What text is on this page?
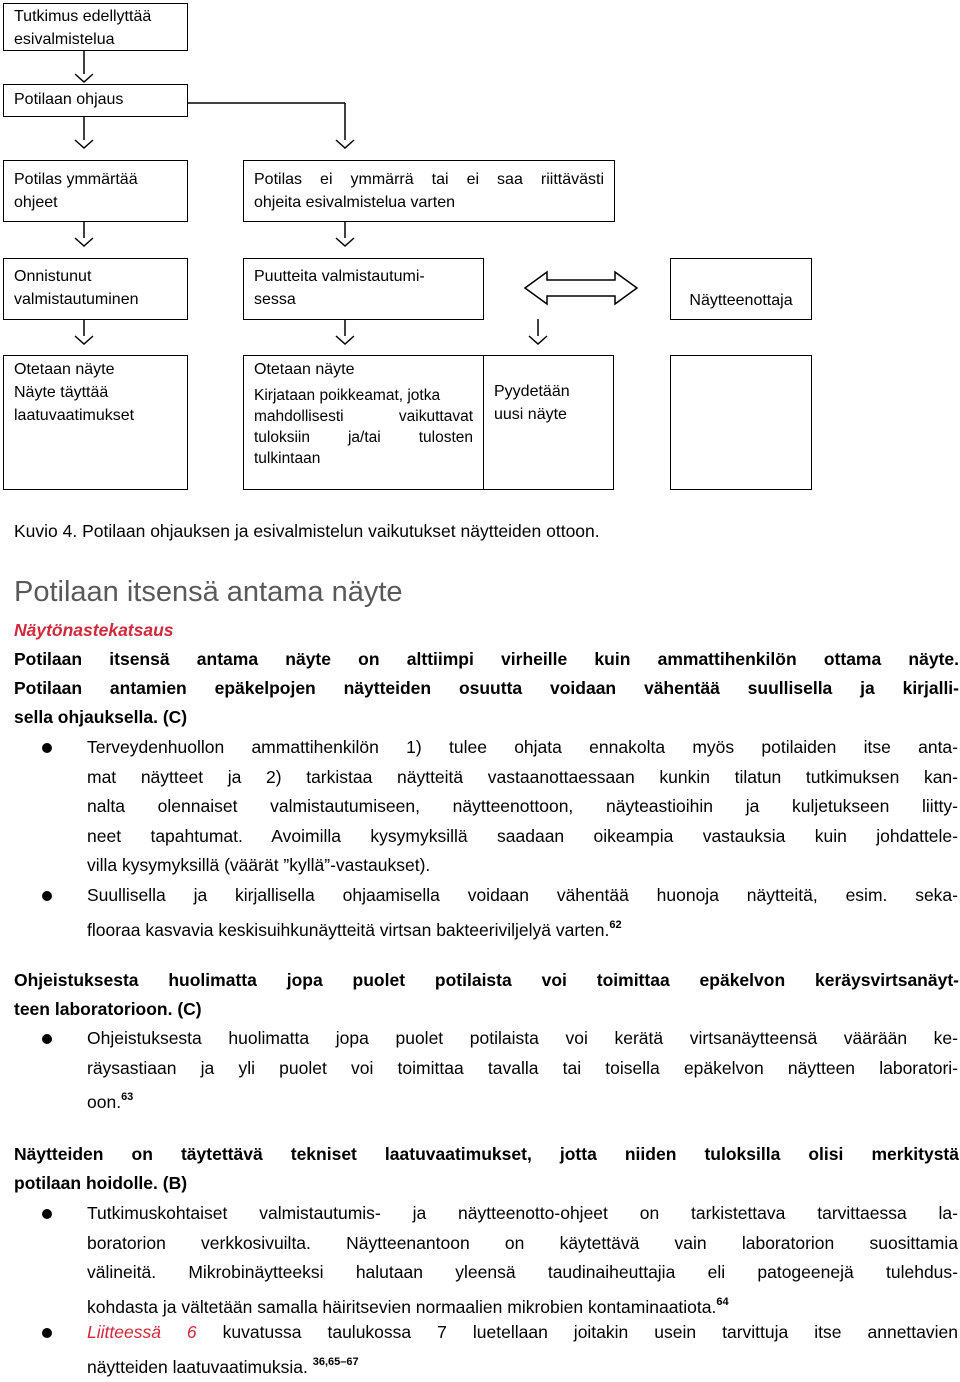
Tutkimus edellyttää
esivalmistelua
Potilaan ohjaus
Potilas ymmärtää
ohjeet
Potilas ei ymmärrä tai ei saa riittävästi
ohjeita esivalmistelua varten
Onnistunut
valmistautuminen
Puutteita valmistautumi-
sessa	Näytteenottaja
Otetaan näyte
Näyte täyttää
laatuvaatimukset
Otetaan näyte
Kirjataan poikkeamat, jotka
mahdollisesti vaikuttavat
tuloksiin ja/tai tulosten
tulkintaan
Pyydetään
uusi näyte
Kuvio 4. Potilaan ohjauksen ja esivalmistelun vaikutukset näytteiden ottoon.
Potilaan itsensä antama näyte
Näytönastekatsaus
Potilaan itsensä antama näyte on alttiimpi virheille kuin ammattihenkilön ottama näyte.
Potilaan antamien epäkelpojen näytteiden osuutta voidaan vähentää suullisella ja kirjalli-
sella ohjauksella. (C)
Terveydenhuollon ammattihenkilön 1) tulee ohjata ennakolta myös potilaiden itse anta-
mat näytteet ja 2) tarkistaa näytteitä vastaanottaessaan kunkin tilatun tutkimuksen kan-
nalta olennaiset valmistautumiseen, näytteenottoon, näyteastioihin ja kuljetukseen liitty-
neet tapahtumat. Avoimilla kysymyksillä saadaan oikeampia vastauksia kuin johdattele-
villa kysymyksillä (väärät ”kyllä”-vastaukset).
Suullisella ja kirjallisella ohjaamisella voidaan vähentää huonoja näytteitä, esim. seka-
flooraa kasvavia keskisuihkunäytteitä virtsan bakteeriviljelyä varten.$^{62}$
Ohjeistuksesta huolimatta jopa puolet potilaista voi toimittaa epäkelvon keräysvirtsanäyt-
teen laboratorioon. (C)
Ohjeistuksesta huolimatta jopa puolet potilaista voi kerätä virtsanäytteensä väärään ke-
räysastiaan ja yli puolet voi toimittaa tavalla tai toisella epäkelvon näytteen laboratori-
oon.$^{63}$
Näytteiden on täytettävä tekniset laatuvaatimukset, jotta niiden tuloksilla olisi merkitystä
potilaan hoidolle. (B)
Tutkimuskohtaiset valmistautumis- ja näytteenotto-ohjeet on tarkistettava tarvittaessa la-
boratorion verkkosivuilta. Näytteenantoon on käytettävä vain laboratorion suosittamia
välineitä. Mikrobinäytteeksi halutaan yleensä taudinaiheuttajia eli patogeenejä tulehdus-
kohdasta ja vältetään samalla häiritsevien normaalien mikrobien kontaminaatiota.$^{64}$
Liitteessä 6 kuvatussa taulukossa 7 luetellaan joitakin usein tarvittuja itse annettavien
näytteiden laatuvaatimuksia. $^{36,65-67}$
